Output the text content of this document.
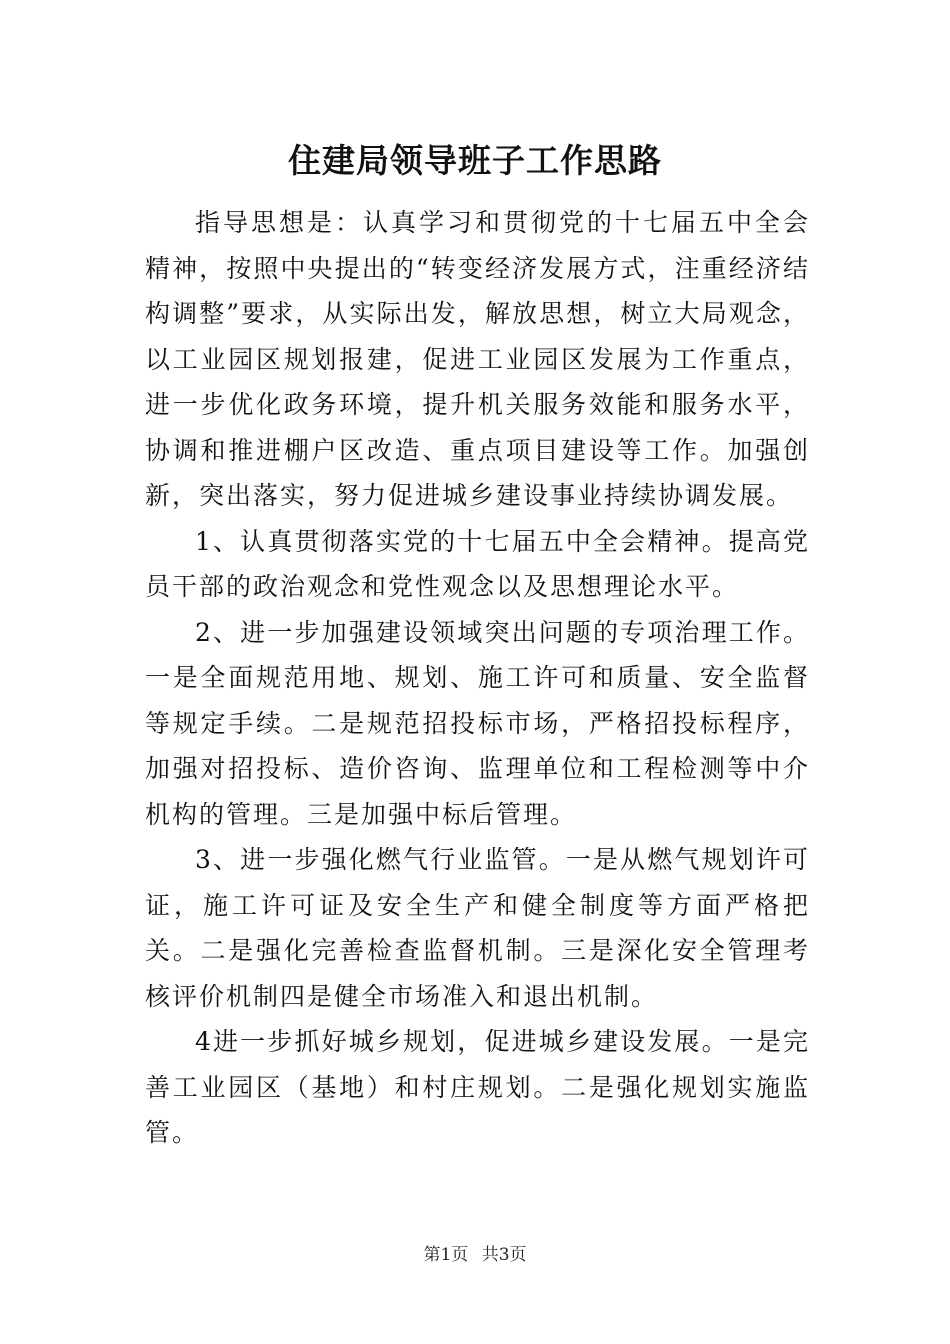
住建局领导班子工作思路

指导思想是：认真学习和贯彻党的十七届五中全会精神，按照中央提出的“转变经济发展方式，注重经济结构调整”要求，从实际出发，解放思想，树立大局观念，以工业园区规划报建，促进工业园区发展为工作重点，进一步优化政务环境，提升机关服务效能和服务水平，协调和推进棚户区改造、重点项目建设等工作。加强创新，突出落实，努力促进城乡建设事业持续协调发展。

1、认真贯彻落实党的十七届五中全会精神。提高党员干部的政治观念和党性观念以及思想理论水平。

2、进一步加强建设领域突出问题的专项治理工作。一是全面规范用地、规划、施工许可和质量、安全监督等规定手续。二是规范招投标市场，严格招投标程序，加强对招投标、造价咨询、监理单位和工程检测等中介机构的管理。三是加强中标后管理。

3、进一步强化燃气行业监管。一是从燃气规划许可证，施工许可证及安全生产和健全制度等方面严格把关。二是强化完善检查监督机制。三是深化安全管理考核评价机制四是健全市场准入和退出机制。

4进一步抓好城乡规划，促进城乡建设发展。一是完善工业园区（基地）和村庄规划。二是强化规划实施监管。

第1页 共3页
